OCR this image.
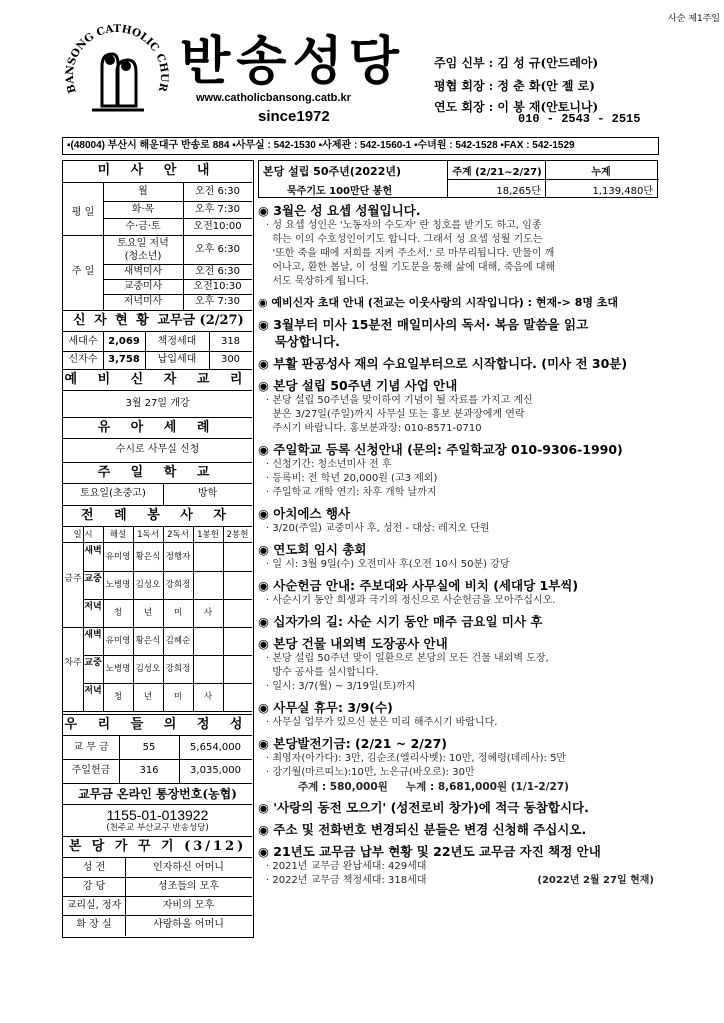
BANSONG CATHOLIC CHUR 반송성당
www.catholicbansong.catb.kr
since1972
사순 제1주일
주임 신부 : 김 성 규(안드레아)
평협 회장 : 정 춘 화(안 젤 로)
연도 회장 : 이 봉 재(안토니나)
010 - 2543 - 2515
▪(48004) 부산시 해운대구 반송로 884 ▪사무실 : 542-1530 ▪사제관 : 542-1560-1 ▪수녀원 : 542-1528 ▪FAX : 542-1529
미 사 안 내
평 일
월	오전 6:30
화·목	오후 7:30
수·금·토	오전10:00
주 일
토요일 저녁
(청소년)
오후 6:30
새벽미사	오전 6:30
교중미사	오전10:30
저녁미사	오후 7:30
신 자 현 황 교무금 (2/27)
세대수	2,069	책정세대	318
신자수	3,758	납입세대	300
예 비 신 자 교 리
3월 27일 개강
유 아 세 례
수시로 사무실 신청
주 일 학 교
토요일(초중고)	방학
전 례 봉 사 자
일 시	해설	1독서 2독서 1봉헌 2봉헌
새벽
유미영 황은식 정행자
교중
노병명 김성오 강희정
저녁
청	년	미	사
금주
새벽
유미영 황은식 김혜순
교중
노병명 김성오 강희정
저녁
청	년	미	사
차주
우 리 들 의 정 성
교 무 금	55	5,654,000
주일헌금	316	3,035,000
교무금 온라인 통장번호(농협)
1155-01-013922
(천주교 부산교구 반송성당)
본 당 가 꾸 기 (3/12)
성 전	인자하신 어머니
강 당	성조들의 모후
교리실, 정자	자비의 모후
화 장 실	사랑하올 어머니
본당 설립 50주년(2022년)
묵주기도 100만단 봉헌
주계 (2/21~2/27)	누계
18,265단	1,139,480단
◉ 3월은 성 요셉 성월입니다.
· 성 요셉 성인은 '노동자의 수도자' 란 칭호를 받기도 하고, 임종
하는 이의 수호성인이기도 합니다. 그래서 성 요셉 성월 기도는
'또한 죽을 때에 저희를 지켜 주소서.' 로 마무리됩니다. 만물이 깨
어나고, 환한 봄날, 이 성월 기도문을 통해 삶에 대해, 죽음에 대해
서도 묵상하게 됩니다.
◉ 예비신자 초대 안내 (전교는 이웃사랑의 시작입니다) : 현재-> 8명 초대
◉ 3월부터 미사 15분전 매일미사의 독서· 복음 말씀을 읽고
묵상합니다.
◉ 부활 판공성사 재의 수요일부터으로 시작합니다. (미사 전 30분)
◉ 본당 설립 50주년 기념 사업 안내
· 본당 설립 50주년을 맞이하여 기념이 될 자료를 가지고 계신
분은 3/27일(주일)까지 사무실 또는 홍보 분과장에게 연락
주시기 바랍니다. 홍보분과장: 010-8571-0710
◉ 주일학교 등록 신청안내 (문의: 주일학교장 010-9306-1990)
· 신청기간: 청소년미사 전 후
· 등록비: 전 학년 20,000원 (고3 제외)
· 주일학교 개학 연기: 차후 개학 날까지
◉ 아치에스 행사
· 3/20(주일) 교중미사 후, 성전 - 대상: 레지오 단원
◉ 연도회 임시 총회
· 일 시: 3월 9일(수) 오전미사 후(오전 10시 50분) 강당
◉ 사순헌금 안내: 주보대와 사무실에 비치 (세대당 1부씩)
· 사순시기 동안 희생과 극기의 정신으로 사순헌금을 모아주십시오.
◉ 십자가의 길: 사순 시기 동안 매주 금요일 미사 후
◉ 본당 건물 내외벽 도장공사 안내
· 본당 설립 50주년 맞이 일환으로 본당의 모든 건물 내외벽 도장,
방수 공사를 실시합니다.
· 일시: 3/7(월) ~ 3/19일(토)까지
◉ 사무실 휴무: 3/9(수)
· 사무실 업무가 있으신 분은 미리 해주시기 바랍니다.
◉ 본당발전기금: (2/21 ~ 2/27)
· 최영자(아가다): 3만, 김순조(엘리사벳): 10만, 정혜령(데레사): 5만
· 강기월(마르띠노):10만, 노은규(바오로): 30만
주계 : 580,000원     누계 : 8,681,000원 (1/1-2/27)
◉ '사랑의 동전 모으기' (성전로비 창가)에 적극 동참합시다.
◉ 주소 및 전화번호 변경되신 분들은 변경 신청해 주십시오.
◉ 21년도 교무금 납부 현황 및 22년도 교무금 자진 책정 안내
· 2021년 교무금 완납세대: 429세대
· 2022년 교무금 책정세대: 318세대	(2022년 2월 27일 현재)
